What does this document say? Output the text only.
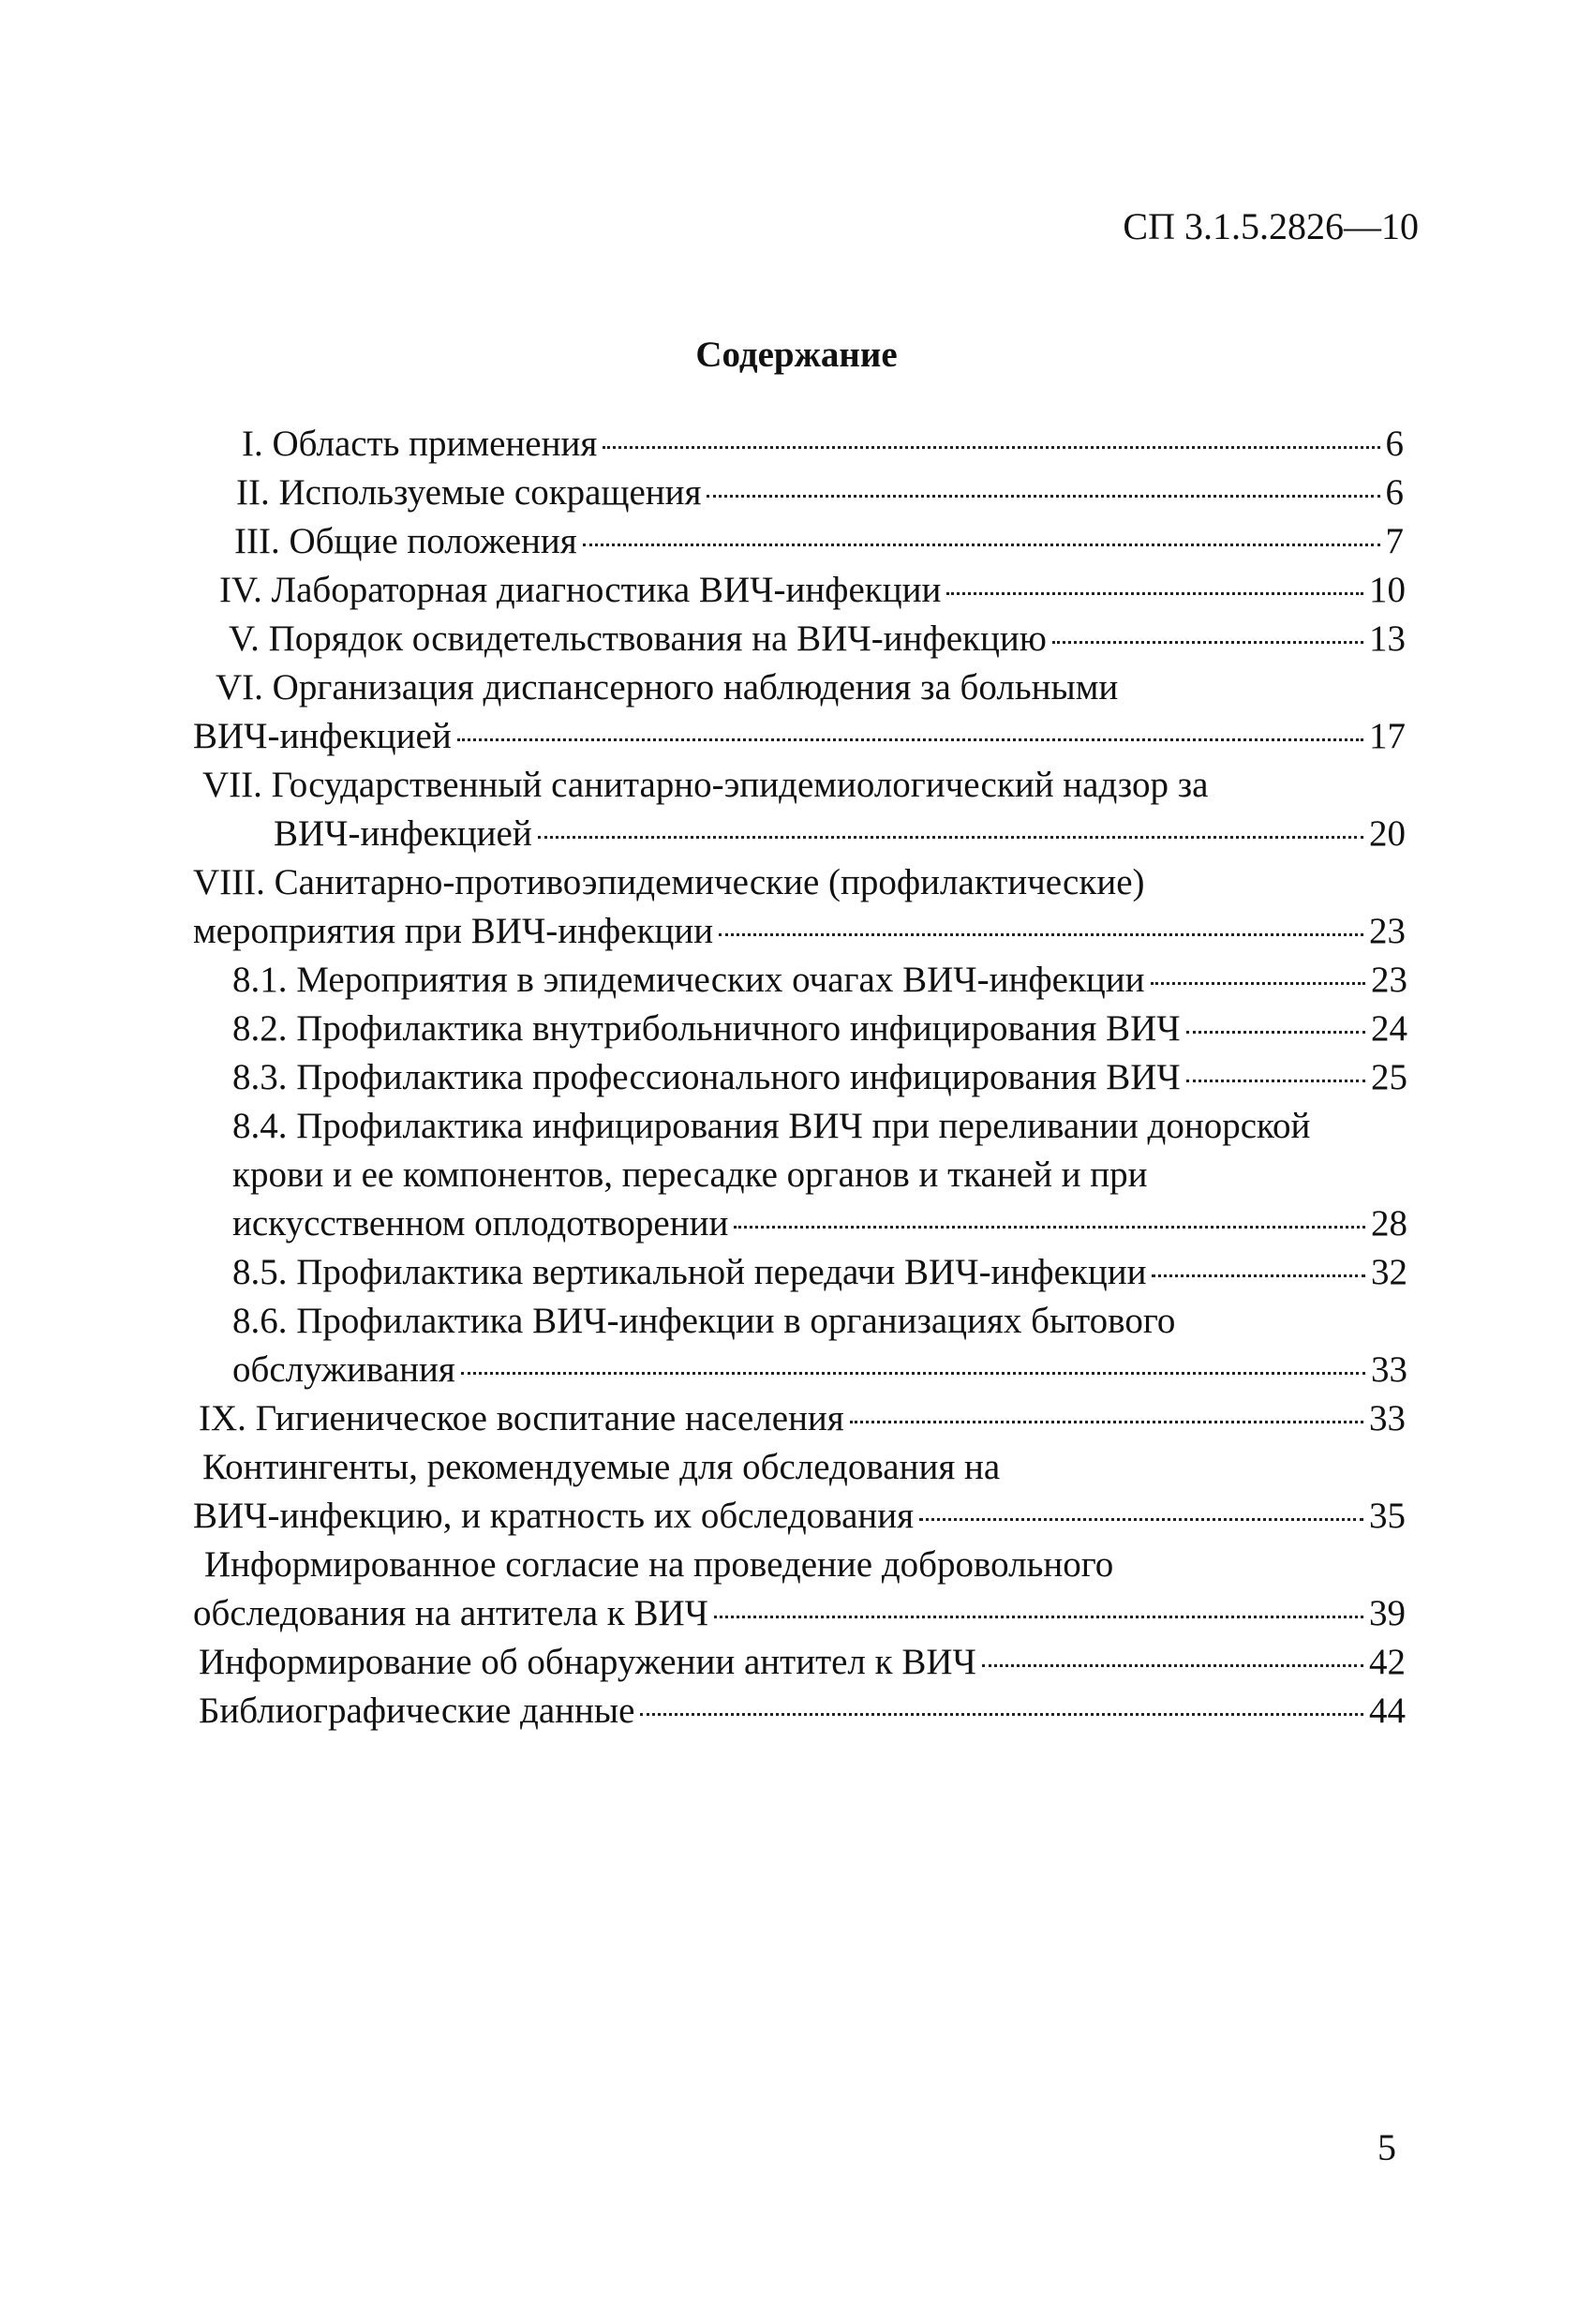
СП 3.1.5.2826—10
Содержание
I. Область применения	6
II. Используемые сокращения	6
III. Общие положения	7
IV. Лабораторная диагностика ВИЧ-инфекции	10
V. Порядок освидетельствования на ВИЧ-инфекцию	13
VI. Организация диспансерного наблюдения за больными
ВИЧ-инфекцией	17
VII. Государственный санитарно-эпидемиологический надзор за
ВИЧ-инфекцией	20
VIII. Санитарно-противоэпидемические (профилактические)
мероприятия при ВИЧ-инфекции	23
8.1. Мероприятия в эпидемических очагах ВИЧ-инфекции	23
8.2. Профилактика внутрибольничного инфицирования ВИЧ	24
8.3. Профилактика профессионального инфицирования ВИЧ	25
8.4. Профилактика инфицирования ВИЧ при переливании донорской
крови и ее компонентов, пересадке органов и тканей и при
искусственном оплодотворении	28
8.5. Профилактика вертикальной передачи ВИЧ-инфекции	32
8.6. Профилактика ВИЧ-инфекции в организациях бытового
обслуживания	33
IX. Гигиеническое воспитание населения	33
Контингенты, рекомендуемые для обследования на
ВИЧ-инфекцию, и кратность их обследования	35
Информированное согласие на проведение добровольного
обследования на антитела к ВИЧ	39
Информирование об обнаружении антител к ВИЧ	42
Библиографические данные	44
5
